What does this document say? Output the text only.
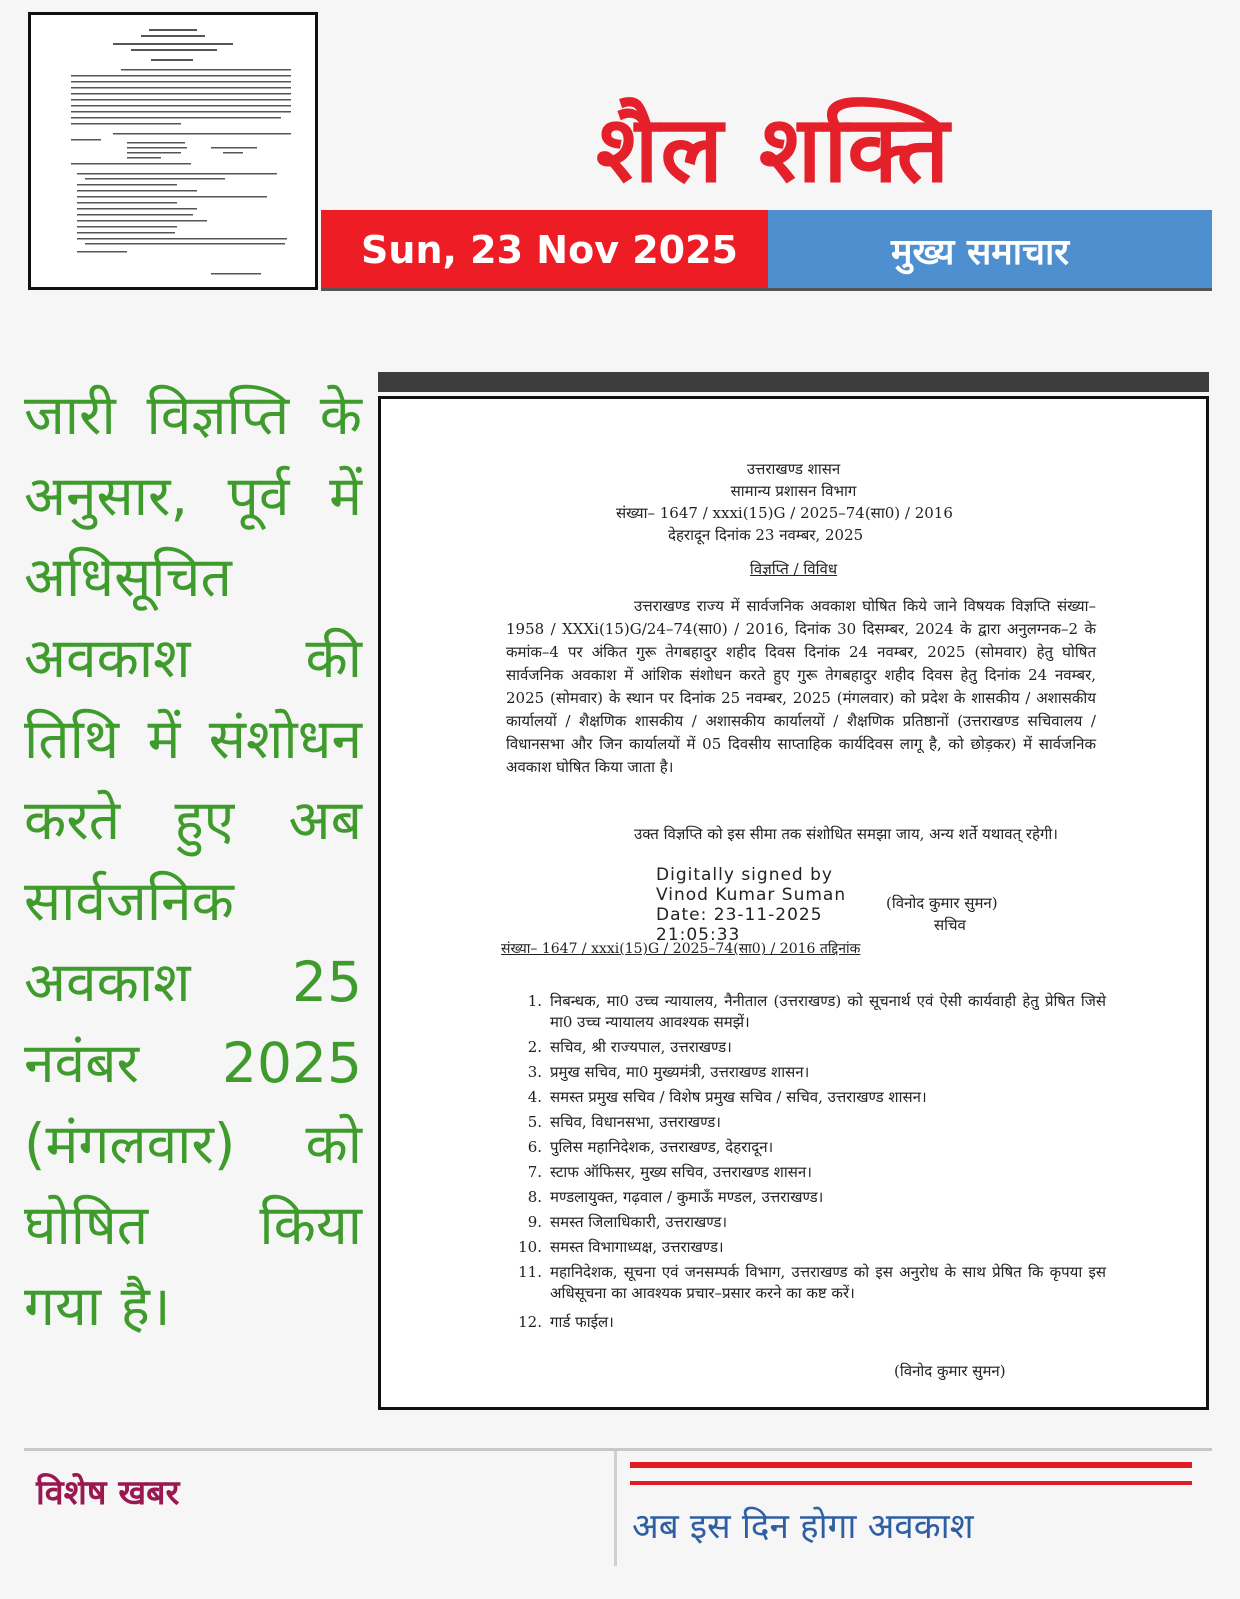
शैल शक्ति
Sun, 23 Nov 2025	मुख्य समाचार
जारी विज्ञप्ति के अनुसार, पूर्व में अधिसूचित अवकाश की तिथि में संशोधन करते हुए अब सार्वजनिक अवकाश 25 नवंबर 2025 (मंगलवार) को घोषित किया गया है।
उत्तराखण्ड शासन
सामान्य प्रशासन विभाग
संख्या– 1647 / xxxi(15)G / 2025–74(सा0) / 2016
देहरादून दिनांक 23 नवम्बर, 2025
विज्ञप्ति / विविध
उत्तराखण्ड राज्य में सार्वजनिक अवकाश घोषित किये जाने विषयक विज्ञप्ति संख्या–1958 / XXXi(15)G/24–74(सा0) / 2016, दिनांक 30 दिसम्बर, 2024 के द्वारा अनुलग्नक–2 के कमांक–4 पर अंकित गुरू तेगबहादुर शहीद दिवस दिनांक 24 नवम्बर, 2025 (सोमवार) हेतु घोषित सार्वजनिक अवकाश में आंशिक संशोधन करते हुए गुरू तेगबहादुर शहीद दिवस हेतु दिनांक 24 नवम्बर, 2025 (सोमवार) के स्थान पर दिनांक 25 नवम्बर, 2025 (मंगलवार) को प्रदेश के शासकीय / अशासकीय कार्यालयों / शैक्षणिक शासकीय / अशासकीय कार्यालयों / शैक्षणिक प्रतिष्ठानों (उत्तराखण्ड सचिवालय / विधानसभा और जिन कार्यालयों में 05 दिवसीय साप्ताहिक कार्यदिवस लागू है, को छोड़कर) में सार्वजनिक अवकाश घोषित किया जाता है।
उक्त विज्ञप्ति को इस सीमा तक संशोधित समझा जाय, अन्य शर्ते यथावत् रहेगी।
Digitally signed by
Vinod Kumar Suman
Date: 23-11-2025
21:05:33
(विनोद कुमार सुमन)
सचिव
संख्या– 1647 / xxxi(15)G / 2025–74(सा0) / 2016 तद्दिनांक
1. निबन्धक, मा0 उच्च न्यायालय, नैनीताल (उत्तराखण्ड) को सूचनार्थ एवं ऐसी कार्यवाही हेतु प्रेषित जिसे मा0 उच्च न्यायालय आवश्यक समझें।
2. सचिव, श्री राज्यपाल, उत्तराखण्ड।
3. प्रमुख सचिव, मा0 मुख्यमंत्री, उत्तराखण्ड शासन।
4. समस्त प्रमुख सचिव / विशेष प्रमुख सचिव / सचिव, उत्तराखण्ड शासन।
5. सचिव, विधानसभा, उत्तराखण्ड।
6. पुलिस महानिदेशक, उत्तराखण्ड, देहरादून।
7. स्टाफ ऑफिसर, मुख्य सचिव, उत्तराखण्ड शासन।
8. मण्डलायुक्त, गढ़वाल / कुमाऊँ मण्डल, उत्तराखण्ड।
9. समस्त जिलाधिकारी, उत्तराखण्ड।
10. समस्त विभागाध्यक्ष, उत्तराखण्ड।
11. महानिदेशक, सूचना एवं जनसम्पर्क विभाग, उत्तराखण्ड को इस अनुरोध के साथ प्रेषित कि कृपया इस अधिसूचना का आवश्यक प्रचार–प्रसार करने का कष्ट करें।
12. गार्ड फाईल।
(विनोद कुमार सुमन)
विशेष खबर
अब इस दिन होगा अवकाश
